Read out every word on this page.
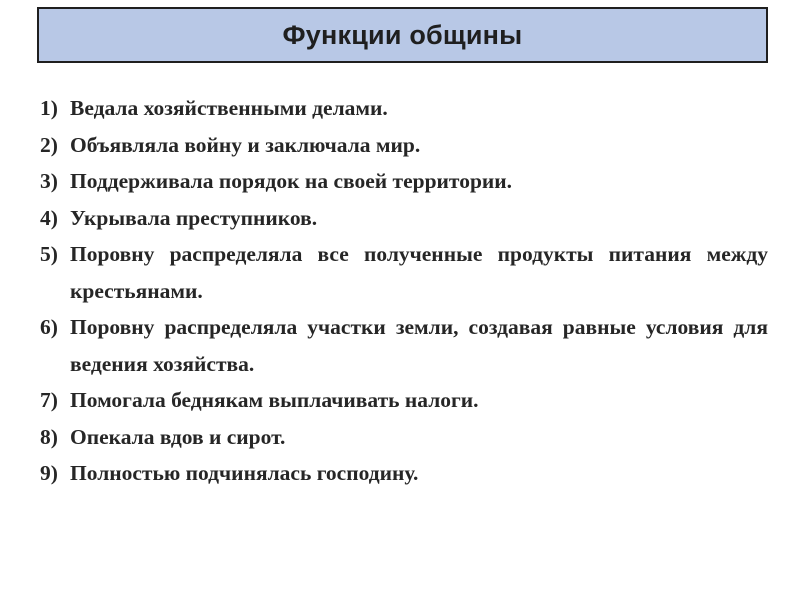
Функции общины
1) Ведала хозяйственными делами.
2) Объявляла войну и заключала мир.
3) Поддерживала порядок на своей территории.
4) Укрывала преступников.
5) Поровну распределяла все полученные продукты питания между крестьянами.
6) Поровну распределяла участки земли, создавая равные условия для ведения хозяйства.
7) Помогала беднякам выплачивать налоги.
8) Опекала вдов и сирот.
9) Полностью подчинялась господину.
